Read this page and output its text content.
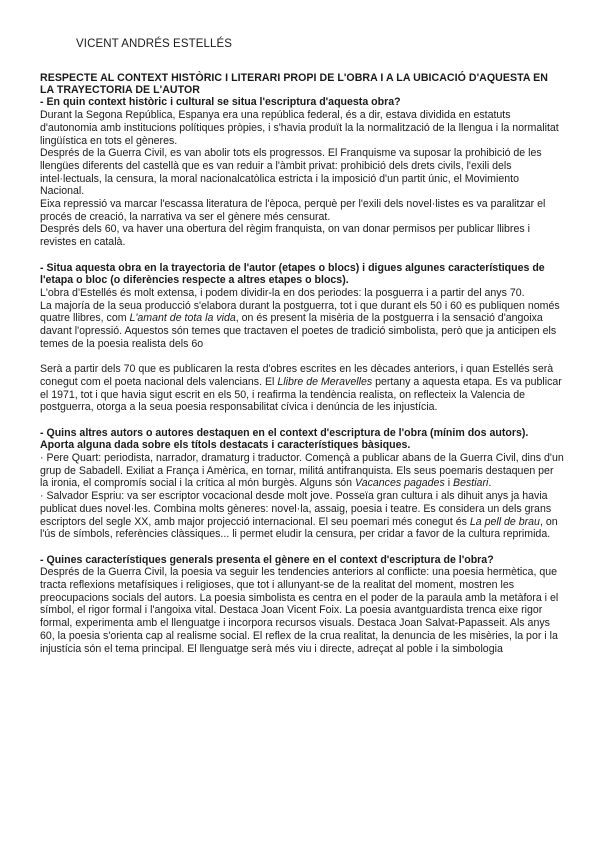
VICENT ANDRÉS ESTELLÉS

RESPECTE AL CONTEXT HISTÒRIC I LITERARI PROPI DE L'OBRA I A LA UBICACIÓ D'AQUESTA EN LA TRAYECTORIA DE L'AUTOR

- En quin context històric i cultural se situa l'escriptura d'aquesta obra?

Durant la Segona República, Espanya era una república federal, és a dir, estava dividida en estatuts d'autonomia amb institucions polítiques pròpies, i s'havia produït la la normalització de la llengua i la normalitat lingüística en tots el gèneres.

Després de la Guerra Civil, es van abolir tots els progressos. El Franquisme va suposar la prohibició de les llengües diferents del castellà que es van reduir a l'àmbit privat: prohibició dels drets civils, l'exili dels intel·lectuals, la censura, la moral nacionalcatòlica estricta i la imposició d'un partit únic, el Movimiento Nacional.

Eixa repressió va marcar l'escassa literatura de l'època, perquè per l'exili dels novel·listes es va paralitzar el procés de creació, la narrativa va ser el gènere més censurat.

Després dels 60, va haver una obertura del règim franquista, on van donar permisos per publicar llibres i revistes en català.

- Situa aquesta obra en la trayectoria de l'autor (etapes o blocs) i digues algunes característiques de l'etapa o bloc (o diferències respecte a altres etapes o blocs).

L'obra d'Estellés és molt extensa, i podem dividir-la en dos periodes: la posguerra i a partir del anys 70.

La majoría de la seua producció s'elabora durant la postguerra, tot i que durant els 50 i 60 es publiquen només quatre llibres, com L'amant de tota la vida, on és present la misèria de la postguerra i la sensació d'angoixa davant l'opressió. Aquestos són temes que tractaven el poetes de tradició simbolista, però que ja anticipen els temes de la poesia realista dels 6o

Serà a partir dels 70 que es publicaren la resta d'obres escrites en les dècades anteriors, i quan Estellés serà conegut com el poeta nacional dels valencians. El Llibre de Meravelles pertany a aquesta etapa. Es va publicar el 1971, tot i que havia sigut escrit en els 50, i reafirma la tendència realista, on reflecteix la Valencia de postguerra, otorga a la seua poesia responsabilitat cívica i denúncia de les injustícia.

- Quins altres autors o autores destaquen en el context d'escriptura de l'obra (mínim dos autors). Aporta alguna dada sobre els títols destacats i característiques bàsiques.

· Pere Quart: periodista, narrador, dramaturg i traductor. Començà a publicar abans de la Guerra Civil, dins d'un grup de Sabadell. Exiliat a França i Amèrica, en tornar, militá antifranquista. Els seus poemaris destaquen per la ironia, el compromís social i la crítica al món burgès. Alguns són Vacances pagades i Bestiari.

· Salvador Espriu: va ser escriptor vocacional desde molt jove. Posseïa gran cultura i als dihuit anys ja havia publicat dues novel·les. Combina molts gèneres: novel·la, assaig, poesia i teatre. Es considera un dels grans escriptors del segle XX, amb major projecció internacional. El seu poemari més conegut és La pell de brau, on l'ús de símbols, referències clàssiques... li permet eludir la censura, per cridar a favor de la cultura reprimida.

- Quines característiques generals presenta el gènere en el context d'escriptura de l'obra?

Després de la Guerra Civil, la poesia va seguir les tendencies anteriors al conflicte: una poesia hermètica, que tracta reflexions metafísiques i religioses, que tot i allunyant-se de la realitat del moment, mostren les preocupacions socials del autors. La poesia simbolista es centra en el poder de la paraula amb la metàfora i el símbol, el rigor formal i l'angoixa vital. Destaca Joan Vicent Foix. La poesia avantguardista trenca eixe rigor formal, experimenta amb el llenguatge i incorpora recursos visuals. Destaca Joan Salvat-Papasseit. Als anys 60, la poesia s'orienta cap al realisme social. El reflex de la crua realitat, la denuncia de les misèries, la por i la injustícia són el tema principal. El llenguatge serà més viu i directe, adreçat al poble i la simbologia
